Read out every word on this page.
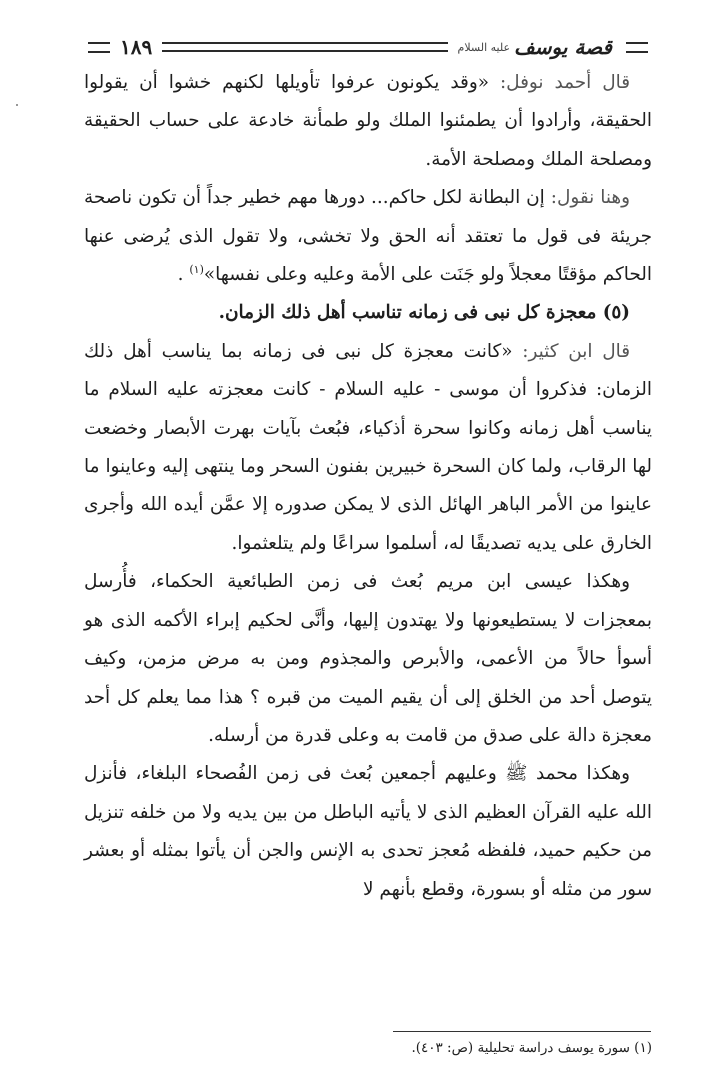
قصة يوسف
عليه السلام
١٨٩

قال أحمد نوفل: «وقد يكونون عرفوا تأويلها لكنهم خشوا أن يقولوا الحقيقة، وأرادوا أن يطمئنوا الملك ولو طمأنة خادعة على حساب الحقيقة ومصلحة الملك ومصلحة الأمة.

وهنا نقول: إن البطانة لكل حاكم... دورها مهم خطير جداً أن تكون ناصحة جريئة فى قول ما تعتقد أنه الحق ولا تخشى، ولا تقول الذى يُرضى عنها الحاكم مؤقتًا معجلاً ولو جَنَت على الأمة وعليه وعلى نفسها»$^{(١)}$ .

(٥) معجزة كل نبى فى زمانه تناسب أهل ذلك الزمان.

قال ابن كثير: «كانت معجزة كل نبى فى زمانه بما يناسب أهل ذلك الزمان: فذكروا أن موسى - عليه السلام - كانت معجزته عليه السلام ما يناسب أهل زمانه وكانوا سحرة أذكياء، فبُعث بآيات بهرت الأبصار وخضعت لها الرقاب، ولما كان السحرة خبيرين بفنون السحر وما ينتهى إليه وعاينوا ما عاينوا من الأمر الباهر الهائل الذى لا يمكن صدوره إلا عمَّن أيده الله وأجرى الخارق على يديه تصديقًا له، أسلموا سراعًا ولم يتلعثموا.

وهكذا عيسى ابن مريم بُعث فى زمن الطبائعية الحكماء، فأُرسل بمعجزات لا يستطيعونها ولا يهتدون إليها، وأنَّى لحكيم إبراء الأكمه الذى هو أسوأ حالاً من الأعمى، والأبرص والمجذوم ومن به مرض مزمن، وكيف يتوصل أحد من الخلق إلى أن يقيم الميت من قبره ؟ هذا مما يعلم كل أحد معجزة دالة على صدق من قامت به وعلى قدرة من أرسله.

وهكذا محمد ﷺ وعليهم أجمعين بُعث فى زمن الفُصحاء البلغاء، فأنزل الله عليه القرآن العظيم الذى لا يأتيه الباطل من بين يديه ولا من خلفه تنزيل من حكيم حميد، فلفظه مُعجز تحدى به الإنس والجن أن يأتوا بمثله أو بعشر سور من مثله أو بسورة، وقطع بأنهم لا

(١) سورة يوسف دراسة تحليلية (ص: ٤٠٣).
